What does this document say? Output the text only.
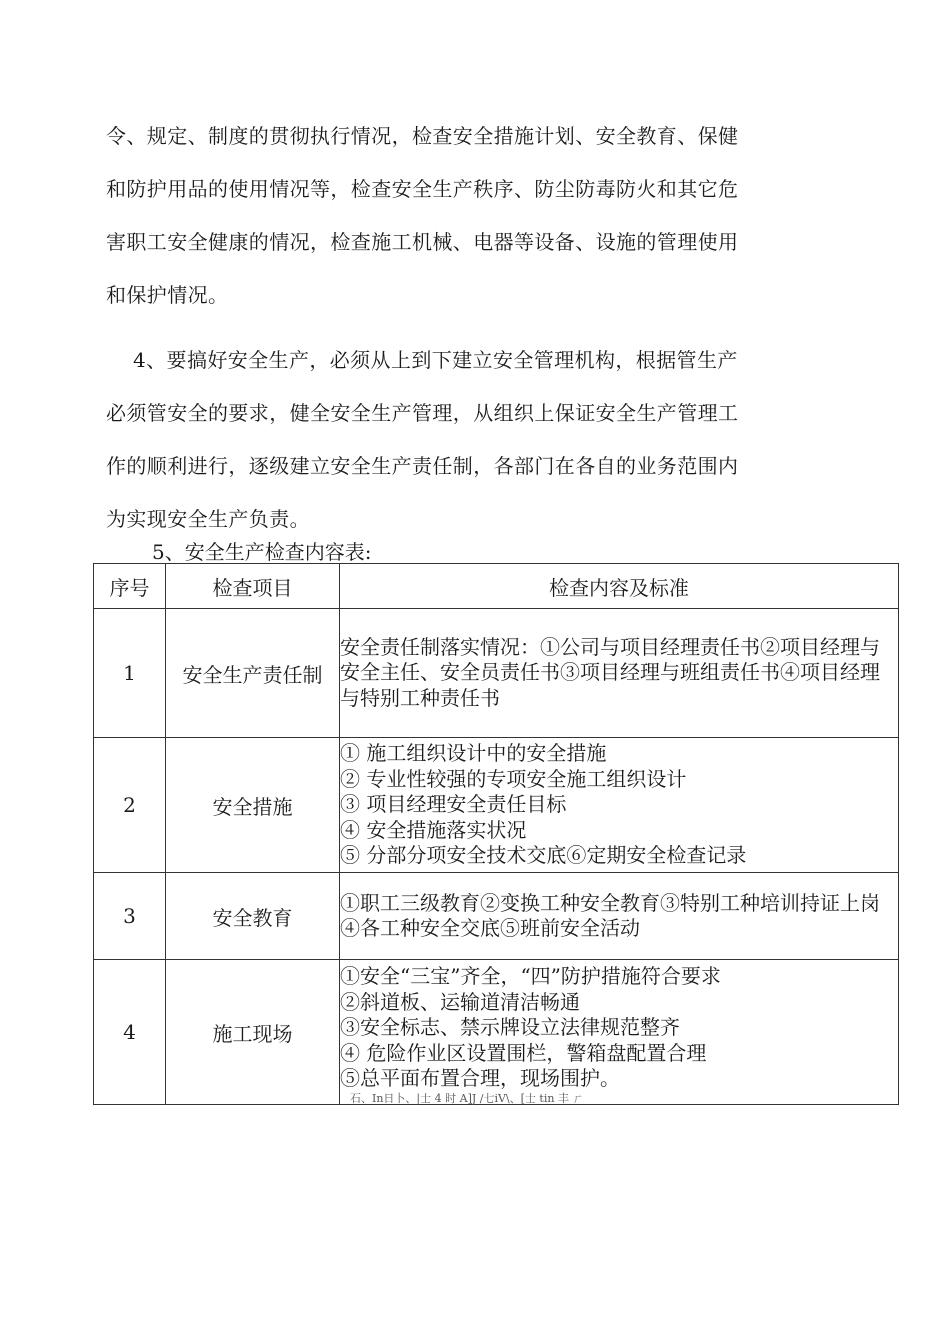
令、规定、制度的贯彻执行情况，检查安全措施计划、安全教育、保健
和防护用品的使用情况等，检查安全生产秩序、防尘防毒防火和其它危
害职工安全健康的情况，检查施工机械、电器等设备、设施的管理使用
和保护情况。
4、要搞好安全生产，必须从上到下建立安全管理机构，根据管生产
必须管安全的要求，健全安全生产管理，从组织上保证安全生产管理工
作的顺利进行，逐级建立安全生产责任制，各部门在各自的业务范围内
为实现安全生产负责。
5、安全生产检查内容表:
序号	检查项目	检查内容及标准
1	安全生产责任制	安全责任制落实情况：①公司与项目经理责任书②项目经理与安全主任、安全员责任书③项目经理与班组责任书④项目经理与特别工种责任书
2	安全措施	① 施工组织设计中的安全措施
② 专业性较强的专项安全施工组织设计
③ 项目经理安全责任目标
④ 安全措施落实状况
⑤ 分部分项安全技术交底⑥定期安全检查记录

3	安全教育	①职工三级教育②变换工种安全教育③特别工种培训持证上岗④各工种安全交底⑤班前安全活动
4	施工现场	①安全“三宝”齐全，“四”防护措施符合要求
②斜道板、运输道清洁畅通
③安全标志、禁示牌设立法律规范整齐
④ 危险作业区设置围栏，警箱盘配置合理
⑤总平面布置合理，现场围护。
石、In日卜、|士 4 时 A]J /七iV\、[士 tin 丰 ㄏ
